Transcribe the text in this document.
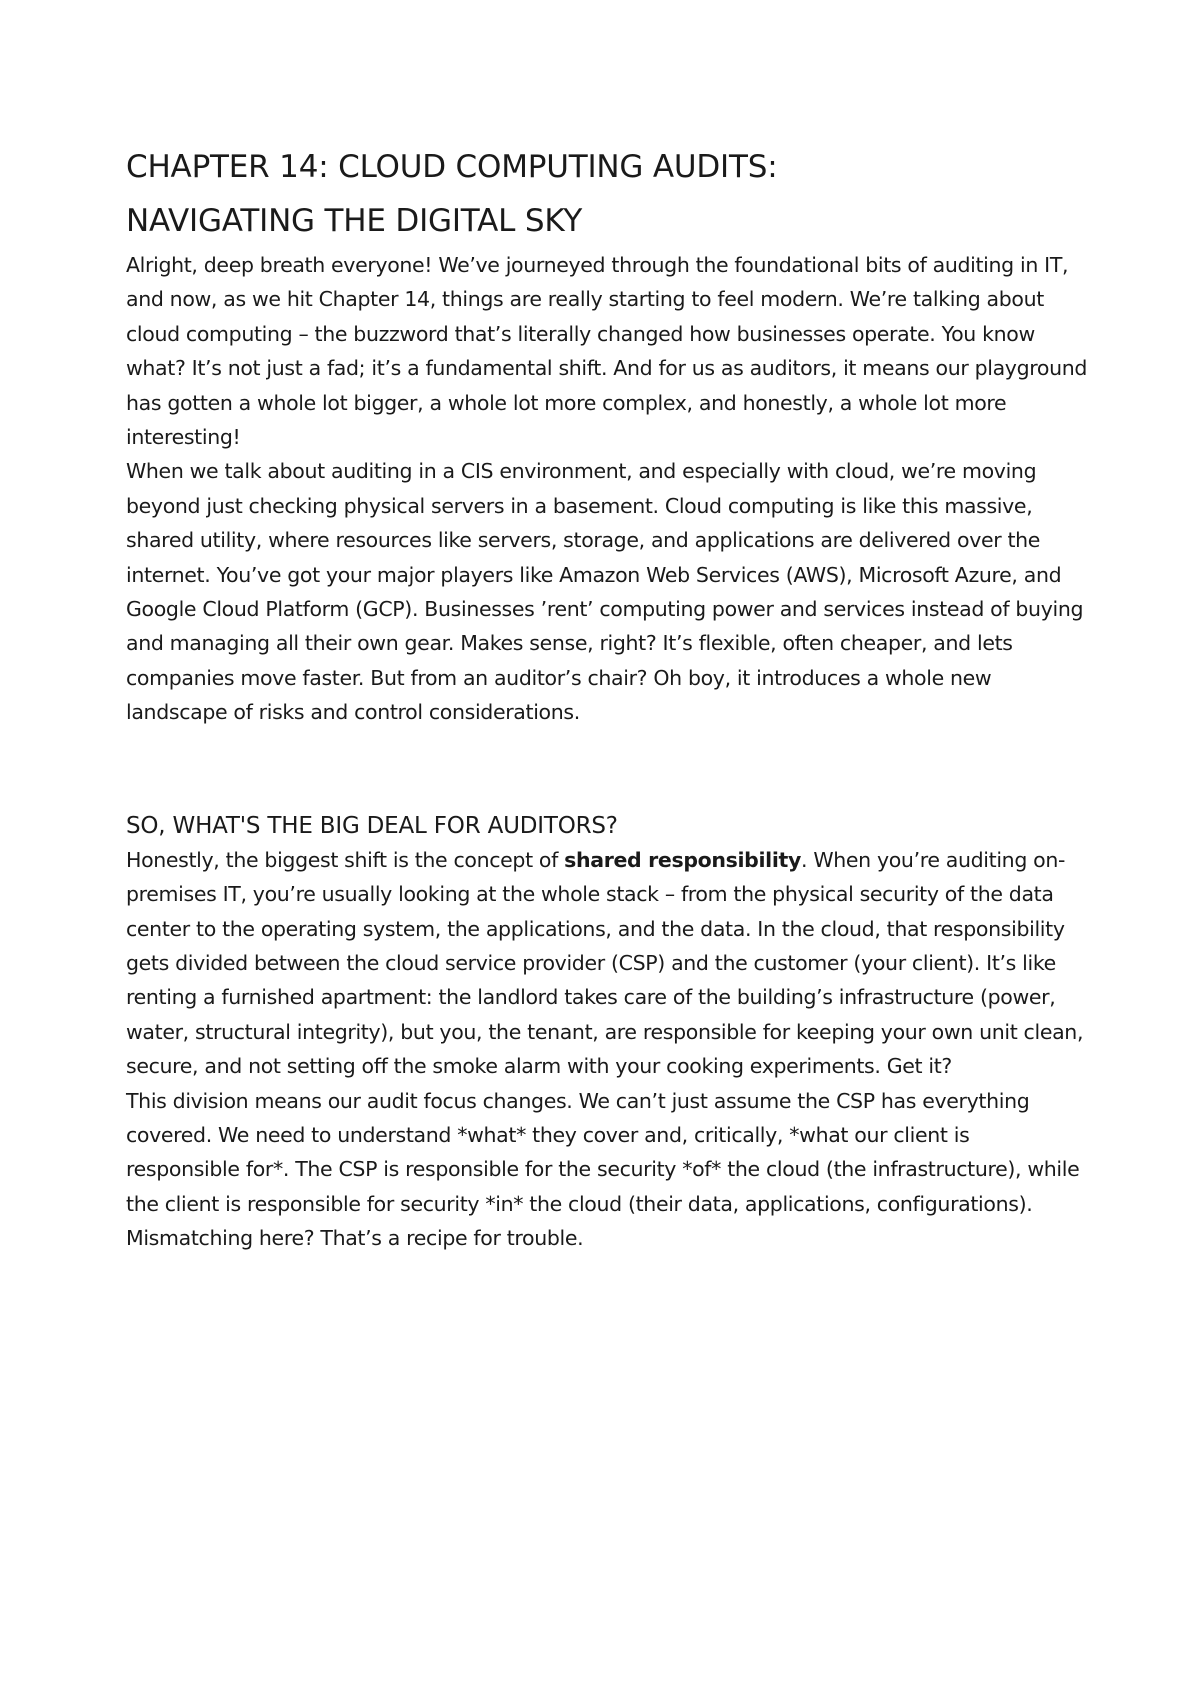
CHAPTER 14: CLOUD COMPUTING AUDITS:
NAVIGATING THE DIGITAL SKY

Alright, deep breath everyone! We’ve journeyed through the foundational bits of auditing in IT, and now, as we hit Chapter 14, things are really starting to feel modern. We’re talking about cloud computing – the buzzword that’s literally changed how businesses operate. You know what? It’s not just a fad; it’s a fundamental shift. And for us as auditors, it means our playground has gotten a whole lot bigger, a whole lot more complex, and honestly, a whole lot more interesting!

When we talk about auditing in a CIS environment, and especially with cloud, we’re moving beyond just checking physical servers in a basement. Cloud computing is like this massive, shared utility, where resources like servers, storage, and applications are delivered over the internet. You’ve got your major players like Amazon Web Services (AWS), Microsoft Azure, and Google Cloud Platform (GCP). Businesses ’rent’ computing power and services instead of buying and managing all their own gear. Makes sense, right? It’s flexible, often cheaper, and lets companies move faster. But from an auditor’s chair? Oh boy, it introduces a whole new landscape of risks and control considerations.

SO, WHAT'S THE BIG DEAL FOR AUDITORS?

Honestly, the biggest shift is the concept of shared responsibility. When you’re auditing on-premises IT, you’re usually looking at the whole stack – from the physical security of the data center to the operating system, the applications, and the data. In the cloud, that responsibility gets divided between the cloud service provider (CSP) and the customer (your client). It’s like renting a furnished apartment: the landlord takes care of the building’s infrastructure (power, water, structural integrity), but you, the tenant, are responsible for keeping your own unit clean, secure, and not setting off the smoke alarm with your cooking experiments. Get it?

This division means our audit focus changes. We can’t just assume the CSP has everything covered. We need to understand *what* they cover and, critically, *what our client is responsible for*. The CSP is responsible for the security *of* the cloud (the infrastructure), while the client is responsible for security *in* the cloud (their data, applications, configurations). Mismatching here? That’s a recipe for trouble.
